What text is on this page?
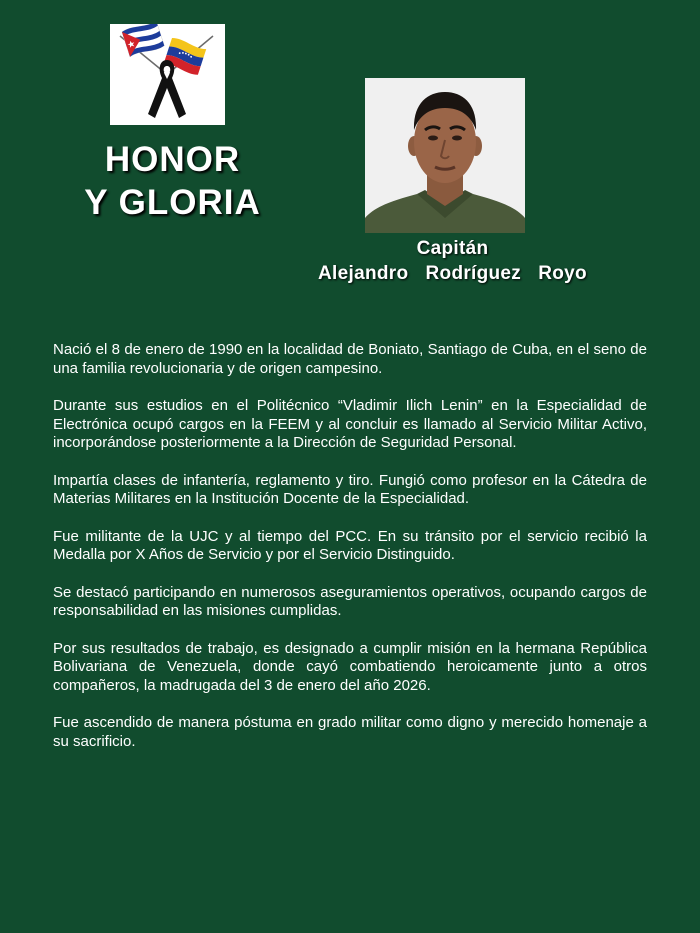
HONOR
Y GLORIA
Capitán
Alejandro  Rodríguez  Royo

Nació el 8 de enero de 1990 en la localidad de Boniato, Santiago de Cuba, en el seno de una familia revolucionaria y de origen campesino.

Durante sus estudios en el Politécnico “Vladimir Ilich Lenin” en la Especialidad de Electrónica ocupó cargos en la FEEM y al concluir es llamado al Servicio Militar Activo, incorporándose posteriormente a la Dirección de Seguridad Personal.

Impartía clases de infantería, reglamento y tiro. Fungió como profesor en la Cátedra de Materias Militares en la Institución Docente de la Especialidad.

Fue militante de la UJC y al tiempo del PCC. En su tránsito por el servicio recibió la Medalla por X Años de Servicio y por el Servicio Distinguido.

Se destacó participando en numerosos aseguramientos operativos, ocupando cargos de responsabilidad en las misiones cumplidas.

Por sus resultados de trabajo, es designado a cumplir misión en la hermana República Bolivariana de Venezuela, donde cayó combatiendo heroicamente junto a otros compañeros, la madrugada del 3 de enero del año 2026.

Fue ascendido de manera póstuma en grado militar como digno y merecido homenaje a su sacrificio.
